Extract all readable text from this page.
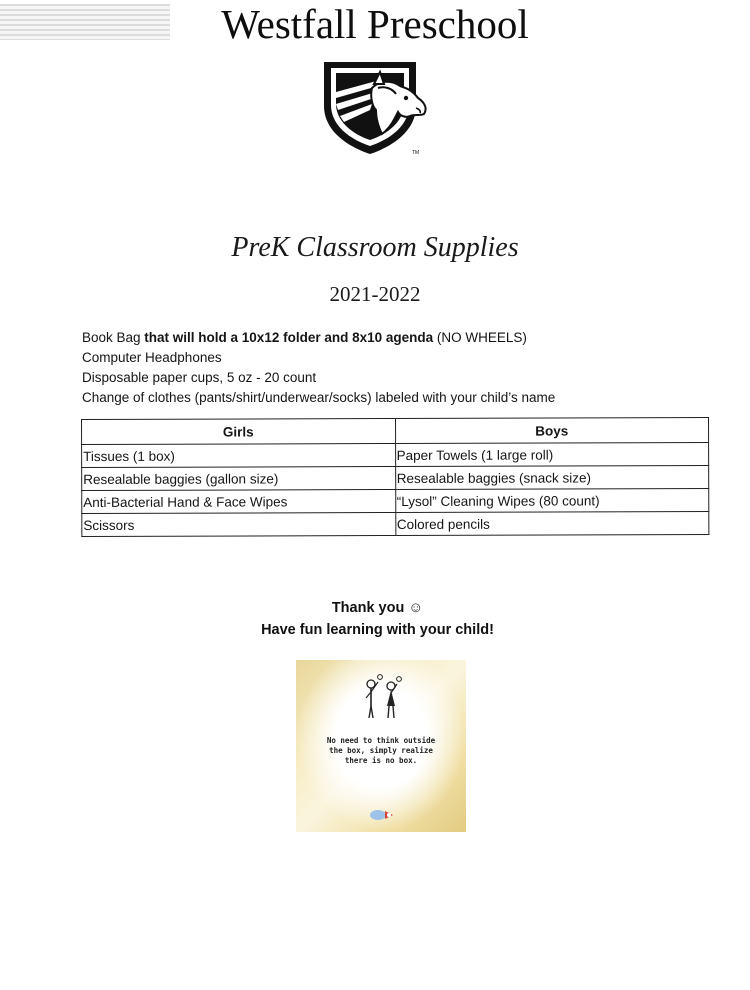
Westfall Preschool
TM
PreK Classroom Supplies
2021-2022
Book Bag that will hold a 10x12 folder and 8x10 agenda (NO WHEELS)
Computer Headphones
Disposable paper cups, 5 oz - 20 count
Change of clothes (pants/shirt/underwear/socks) labeled with your child’s name
Girls	Boys
Tissues (1 box)	Paper Towels (1 large roll)
Resealable baggies (gallon size)	Resealable baggies (snack size)
Anti-Bacterial Hand & Face Wipes	“Lysol” Cleaning Wipes (80 count)
Scissors	Colored pencils
Thank you ☺
Have fun learning with your child!
No need to think outside
the box, simply realize
there is no box.
